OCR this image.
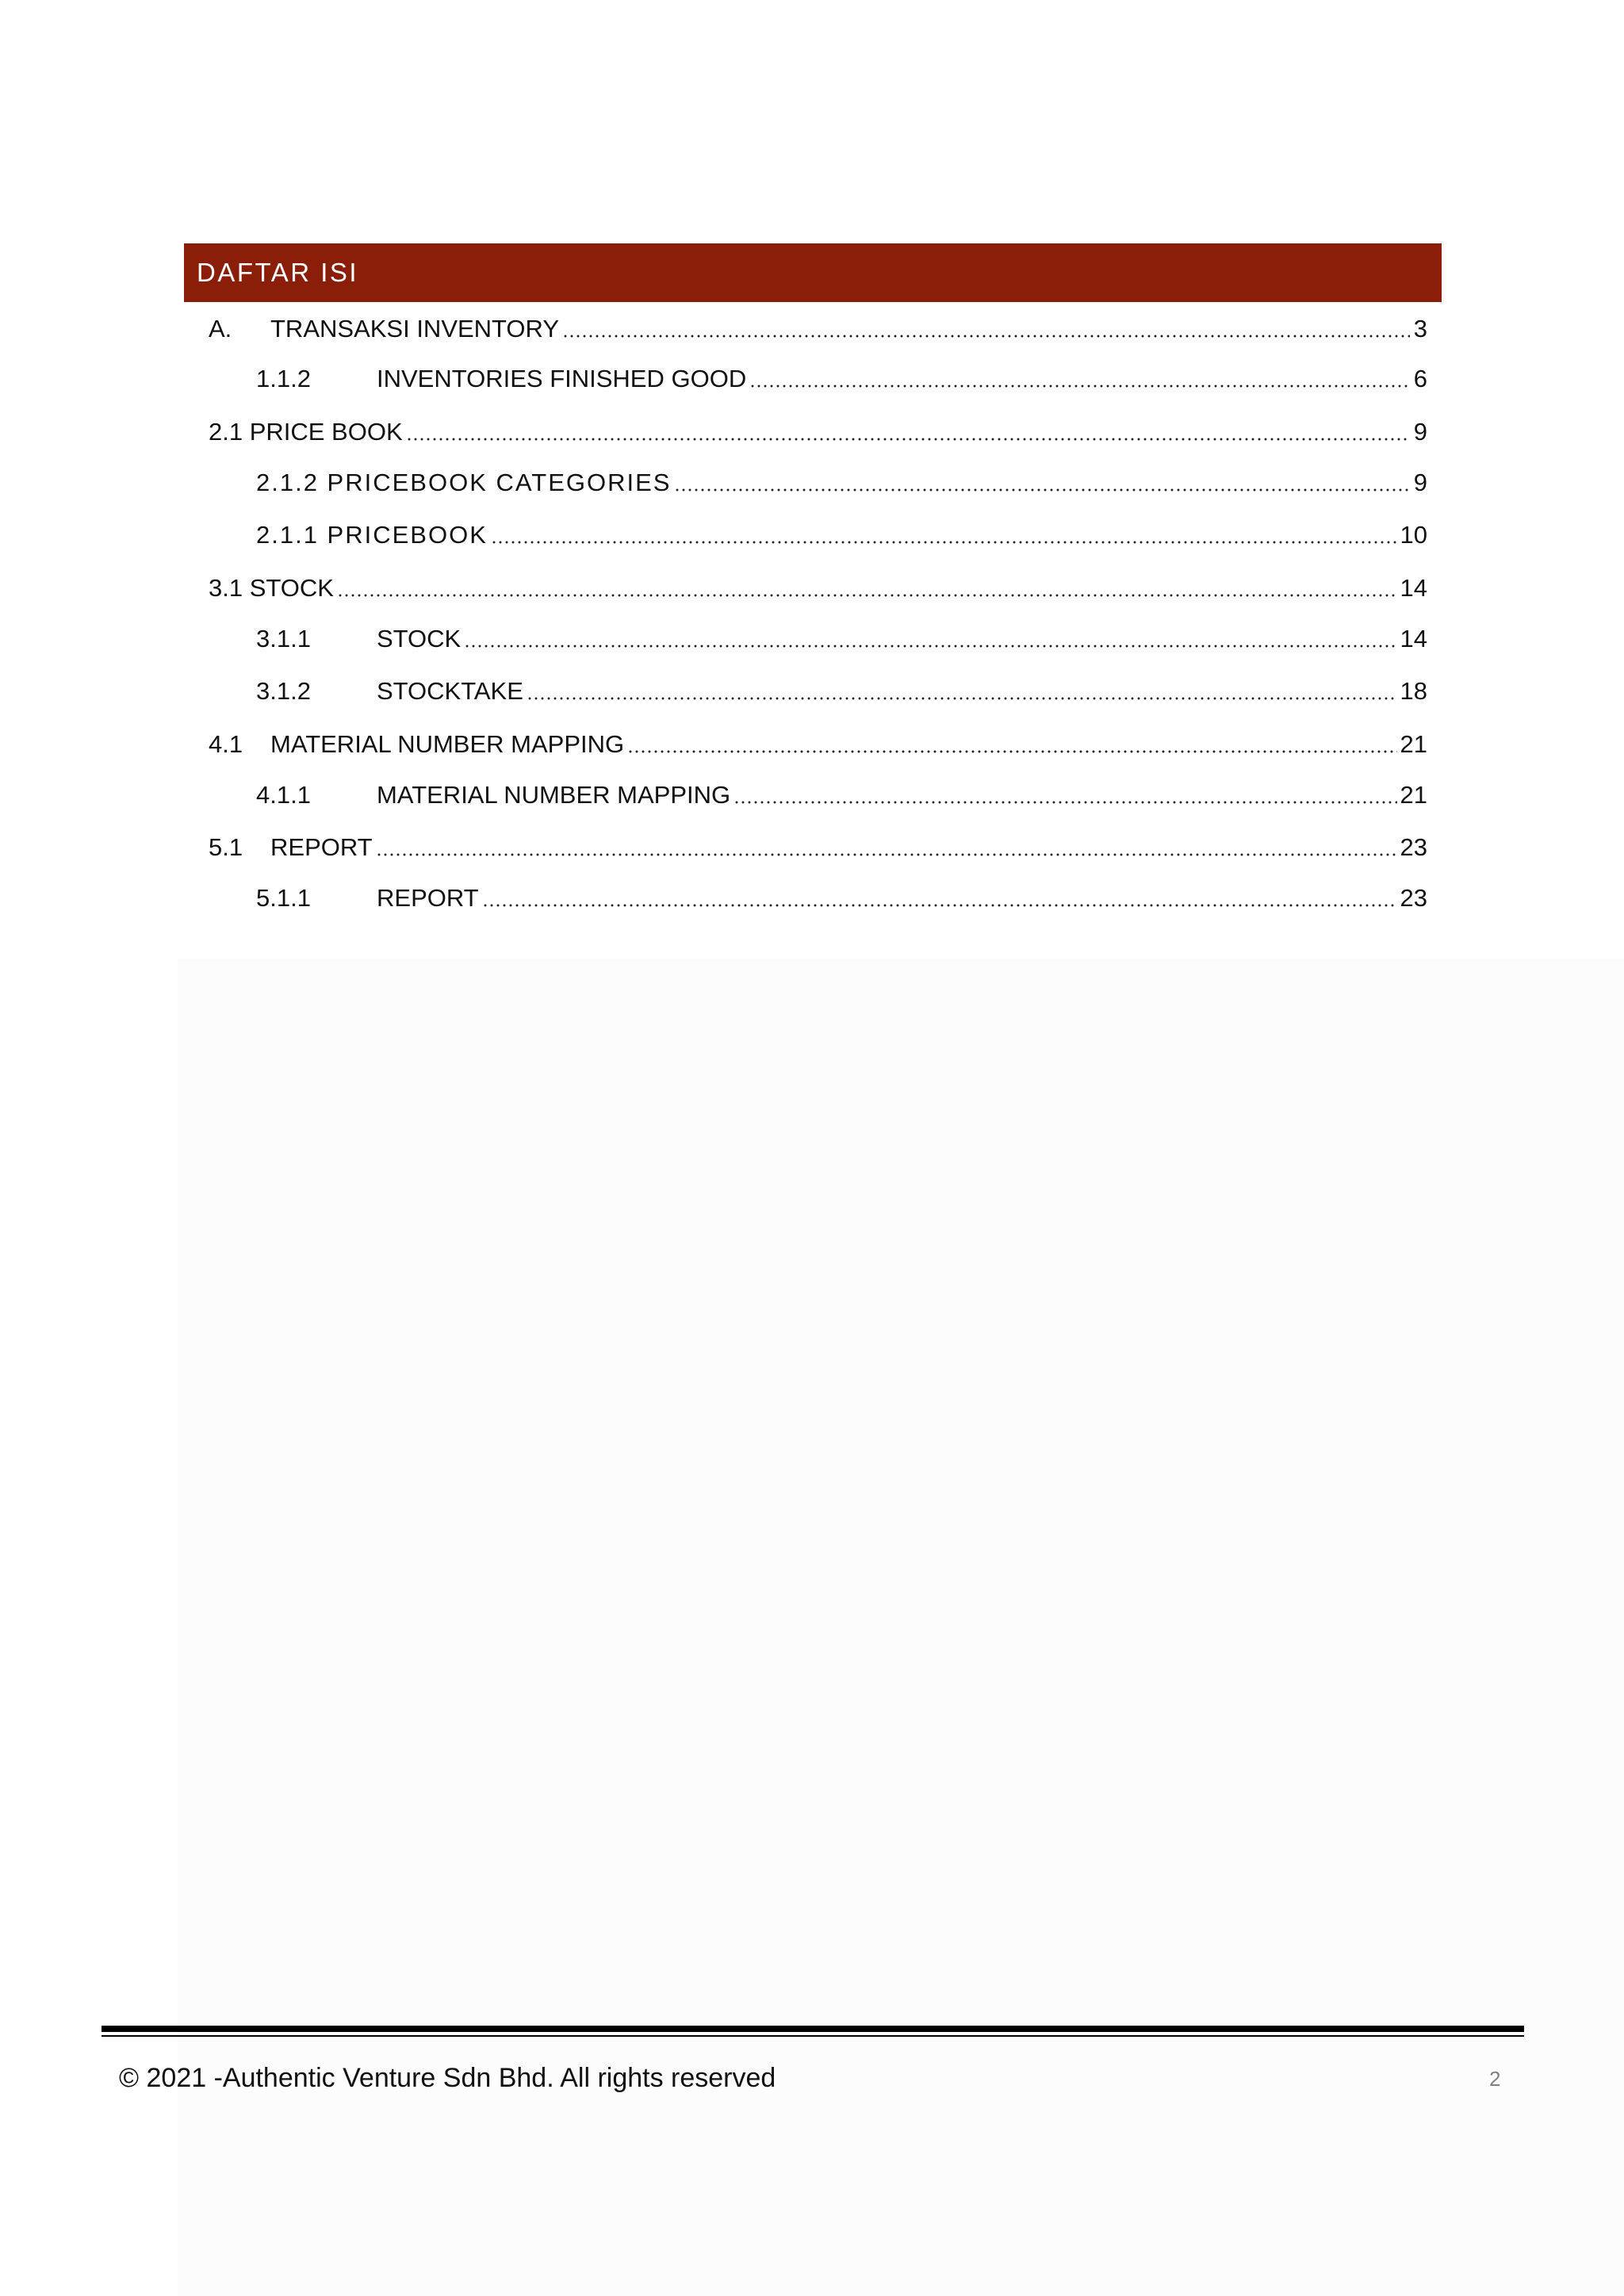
DAFTAR ISI
A.	TRANSAKSI INVENTORY	3
1.1.2	INVENTORIES FINISHED GOOD	6
2.1 PRICE BOOK	9
2.1.2 PRICEBOOK CATEGORIES	9
2.1.1 PRICEBOOK	10
3.1 STOCK	14
3.1.1	STOCK	14
3.1.2	STOCKTAKE	18
4.1	MATERIAL NUMBER MAPPING	21
4.1.1	MATERIAL NUMBER MAPPING	21
5.1	REPORT	23
5.1.1	REPORT	23
© 2021 -Authentic Venture Sdn Bhd. All rights reserved	2
